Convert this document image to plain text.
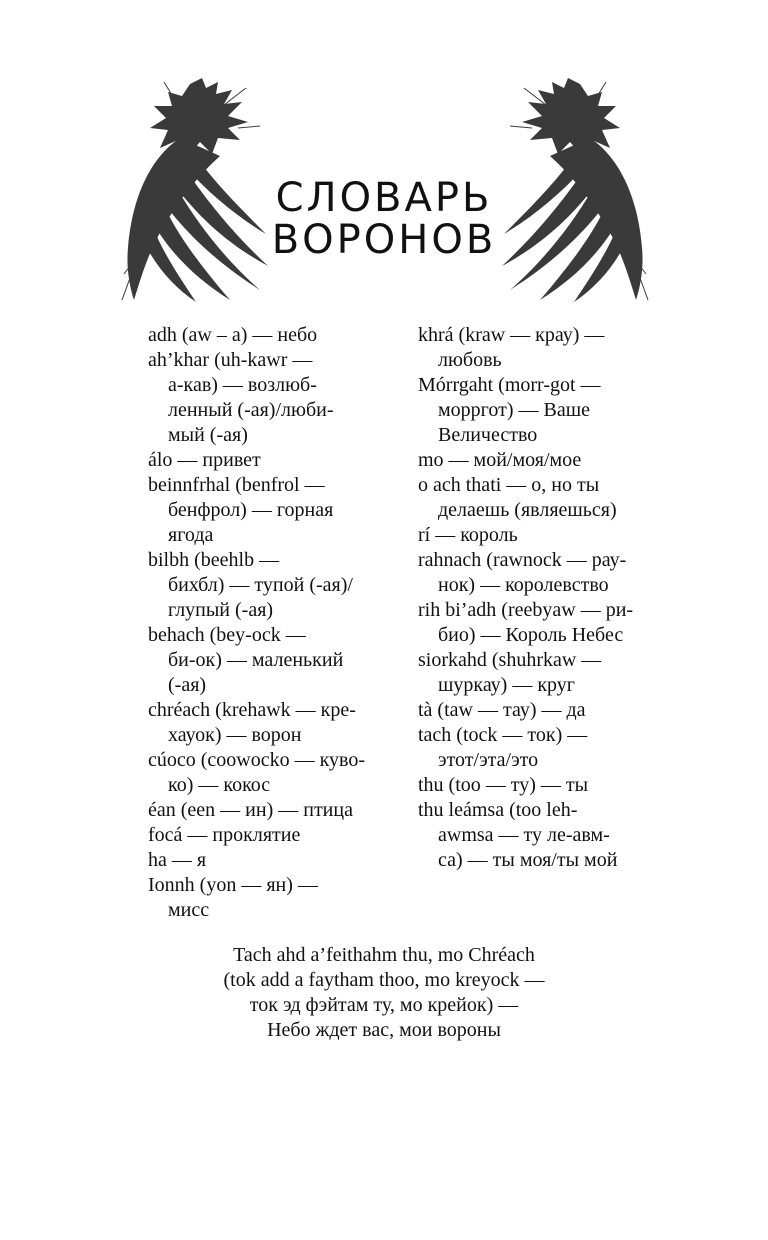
СЛОВАРЬ
ВОРОНОВ

adh (aw – a) — небо

ah’khar (uh-kawr —
а-кав) — возлюб-
ленный (-ая)/люби-
мый (-ая)

álo — привет

beinnfrhal (benfrol —
бенфрол) — горная
ягода

bilbh (beehlb —
бихбл) — тупой (-ая)/
глупый (-ая)

behach (bey-ock —
би-ок) — маленький
(-ая)

chréach (krehawk — кре-
хауок) — ворон

cúoco (coowocko — куво-
ко) — кокос

éan (een — ин) — птица

focá — проклятие

ha — я

Ionnh (yon — ян) —
мисс

khrá (kraw — крау) —
любовь

Mórrgaht (morr-got —
морргот) — Ваше
Величество

mo — мой/моя/мое

o ach thati — о, но ты
делаешь (являешься)

rí — король

rahnach (rawnock — рау-
нок) — королевство

rih bi’adh (reebyaw — ри-
био) — Король Небес

siorkahd (shuhrkaw —
шуркау) — круг

tà (taw — тау) — да

tach (tock — ток) —
этот/эта/это

thu (too — ту) — ты

thu leámsa (too leh-
awmsa — ту ле-авм-
са) — ты моя/ты мой

Tach ahd a’feithahm thu, mo Chréach
(tok add a faytham thoo, mo kreyock —
ток эд фэйтам ту, мо крейок) —
Небо ждет вас, мои вороны
